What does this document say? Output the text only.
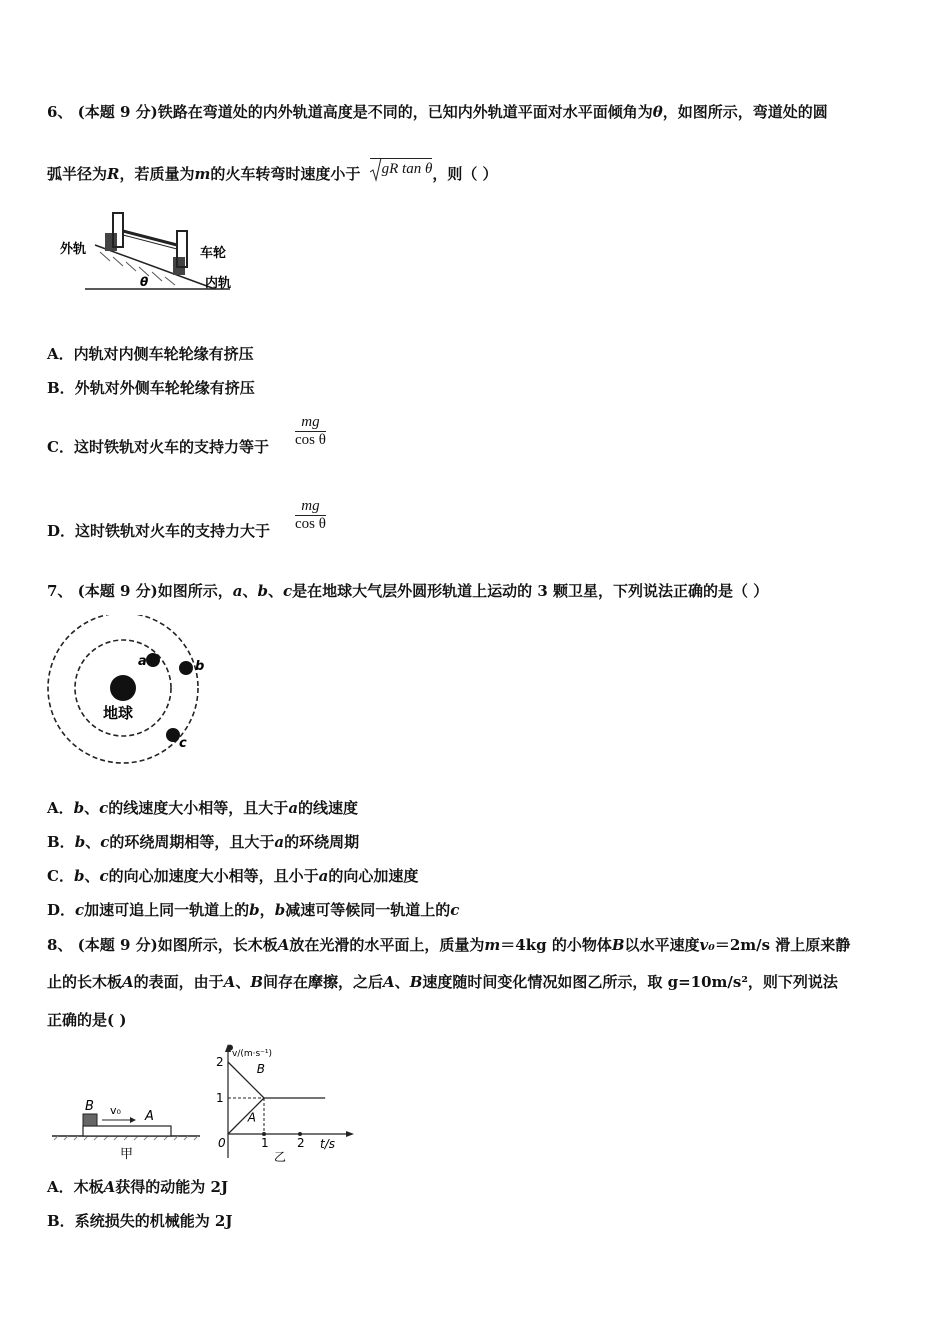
6、 (本题 9 分)铁路在弯道处的内外轨道高度是不同的，已知内外轨道平面对水平面倾角为θ，如图所示，弯道处的圆
弧半径为R，若质量为m的火车转弯时速度小于 gR tan θ，则（ ）
外轨	车轮
内轨
θ
A．内轨对内侧车轮轮缘有挤压
B．外轨对外侧车轮轮缘有挤压
C．这时铁轨对火车的支持力等于 $\frac{mg}{\text{cos θ}}$
D．这时铁轨对火车的支持力大于 $\frac{mg}{\text{cos θ}}$
7、 (本题 9 分)如图所示，a、b、c是在地球大气层外圆形轨道上运动的 3 颗卫星，下列说法正确的是（ ）
地球
a	b
c
A．b、c的线速度大小相等，且大于a的线速度
B．b、c的环绕周期相等，且大于a的环绕周期
C．b、c的向心加速度大小相等，且小于a的向心加速度
D．c加速可追上同一轨道上的b，b减速可等候同一轨道上的c
8、 (本题 9 分)如图所示，长木板A放在光滑的水平面上，质量为m＝4kg 的小物体B以水平速度v₀＝2m/s 滑上原来静
止的长木板A的表面，由于A、B间存在摩擦，之后A、B速度随时间变化情况如图乙所示，取 g=10m/s²，则下列说法
正确的是( )
B v₀ A
甲
v/(m·s⁻¹)
t/s
乙
2
1
0	1 2
B
A
A．木板A获得的动能为 2J
B．系统损失的机械能为 2J
